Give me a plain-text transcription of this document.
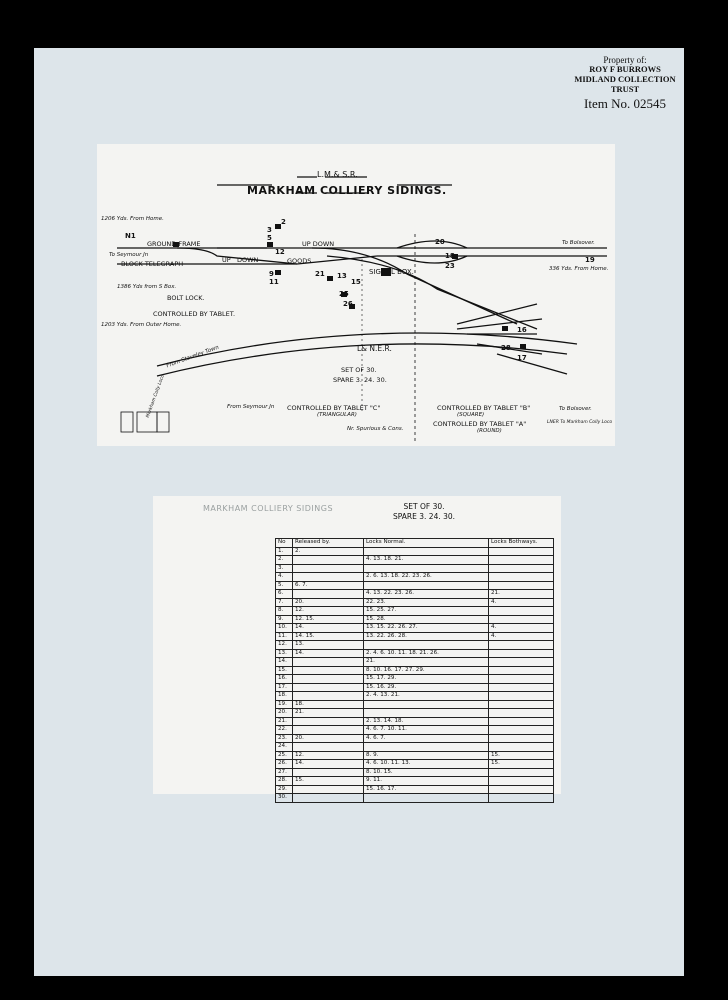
Property of:
ROY F BURROWS
MIDLAND COLLECTION
TRUST
Item No. 02545
L.M.& S.R.
MARKHAM COLLIERY SIDINGS.
1206 Yds. From Home.
GROUND FRAME
To Seymour Jn
BLOCK TELEGRAPH
1386 Yds from S Box.
BOLT LOCK.
CONTROLLED BY TABLET.
1203 Yds. From Outer Home.
UP DOWN	GOODS
UP DOWN
SIGNAL BOX.
To Bolsover.
336 Yds. From Home.
L& N.E.R.
SET OF 30.
SPARE 3. 24. 30.
From Staveley Town
Markham Colly Loco	From Seymour Jn CONTROLLED BY TABLET "C"
(TRIANGULAR)
CONTROLLED BY TABLET "B"
(SQUARE)
To Bolsover.
CONTROLLED BY TABLET "A"
(ROUND)
LNER To Markham Colly Loco
Nr. Spurious & Cons.
2
3
5
12
N1
9
11
20
18
23
19
21 13
15
25
26
16
28
17
MARKHAM COLLIERY SIDINGS	SET OF 30.
SPARE 3. 24. 30.
No	Released by.	Locks Normal.	Locks Bothways.
1.	2.		
2.		4. 13. 18. 21.	
3.			
4.		2. 6. 13. 18. 22. 23. 26.	
5.	6. 7.		
6.		4. 13. 22. 23. 26.	21.
7.	20.	22. 23.	4.
8.	12.	15. 25. 27.	
9.	12. 15.	15. 28.	
10.	14.	13. 15. 22. 26. 27.	4.
11.	14. 15.	13. 22. 26. 28.	4.
12.	13.		
13.	14.	2. 4. 6. 10. 11. 18. 21. 26.	
14.		21.	
15.		8. 10. 16. 17. 27. 29.	
16.		15. 17. 29.	
17.		15. 16. 29.	
18.		2. 4. 13. 21.	
19.	18.		
20.	21.		
21.		2. 13. 14. 18.	
22.		4. 6. 7. 10. 11.	
23.	20.	4. 6. 7.	
24.			
25.	12.	8. 9.	15.
26.	14.	4. 6. 10. 11. 13.	15.
27.		8. 10. 15.	
28.	15.	9. 11.	
29.		15. 16. 17.	
30.			
